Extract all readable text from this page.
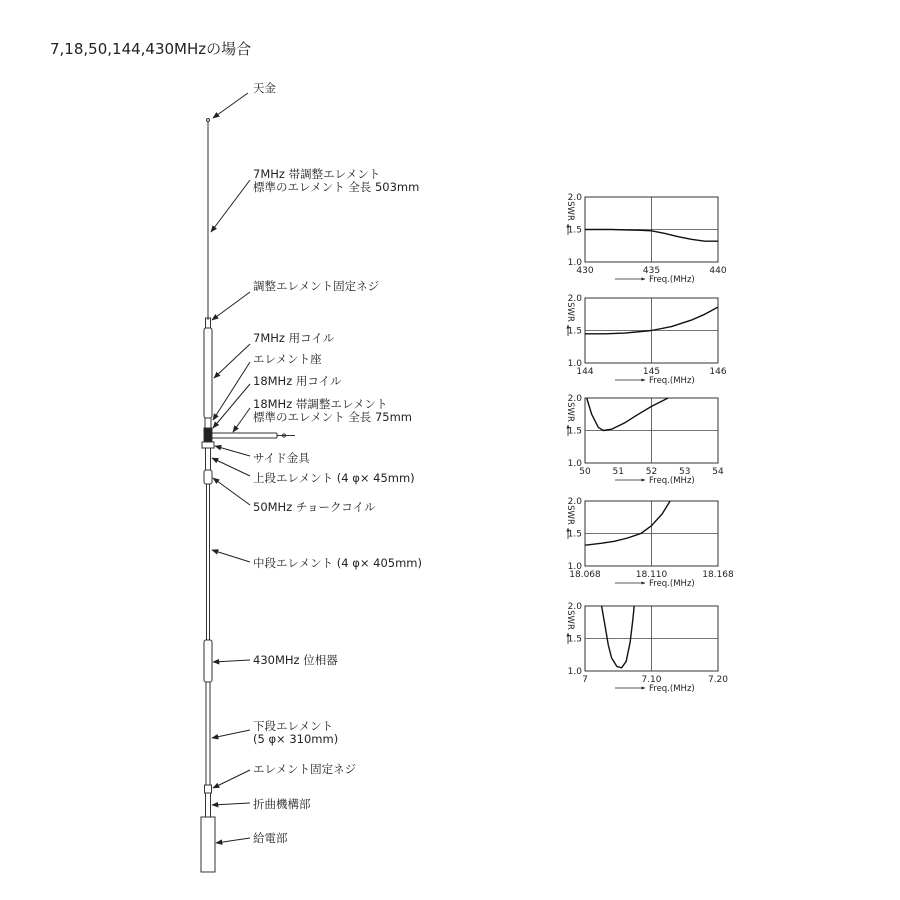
7,18,50,144,430MHzの場合
天金
7MHz 帯調整エレメント
標準のエレメント 全長 503mm
調整エレメント固定ネジ
7MHz 用コイル
エレメント座
18MHz 用コイル
18MHz 帯調整エレメント
標準のエレメント 全長 75mm
サイド金具
上段エレメント (4 φ× 45mm)
50MHz チョークコイル
中段エレメント (4 φ× 405mm)
430MHz 位相器
下段エレメント
(5 φ× 310mm)
エレメント固定ネジ
折曲機構部
給電部
1.0
1.5
2.0
430	435	440
SWR
Freq.(MHz)
1.0
1.5
2.0
144	145	146
SWR
Freq.(MHz)
1.0
1.5
2.0
50 51 52 53 54
SWR
Freq.(MHz)
1.0
1.5
2.0
18.068	18.110	18.168
SWR
Freq.(MHz)
1.0
1.5
2.0
7	7.10	7.20
SWR
Freq.(MHz)
